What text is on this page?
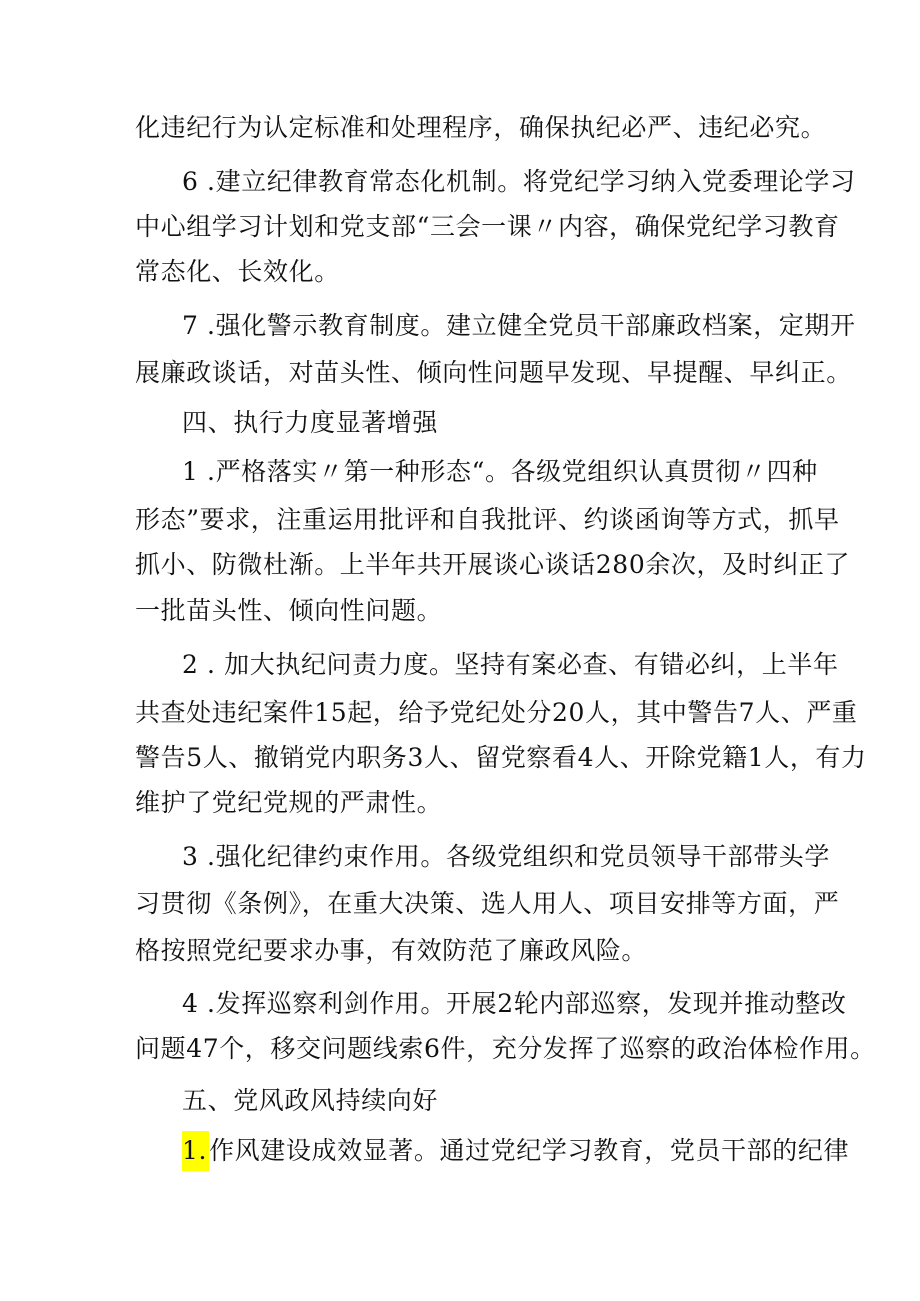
化违纪行为认定标准和处理程序，确保执纪必严、违纪必究。
6 .建立纪律教育常态化机制。将党纪学习纳入党委理论学习
中心组学习计划和党支部“三会一课〃内容，确保党纪学习教育
常态化、长效化。
7 .强化警示教育制度。建立健全党员干部廉政档案，定期开
展廉政谈话，对苗头性、倾向性问题早发现、早提醒、早纠正。
四、执行力度显著增强
1 .严格落实〃第一种形态“。各级党组织认真贯彻〃四种
形态”要求，注重运用批评和自我批评、约谈函询等方式，抓早
抓小、防微杜渐。上半年共开展谈心谈话280余次，及时纠正了
一批苗头性、倾向性问题。
2 . 加大执纪问责力度。坚持有案必查、有错必纠，上半年
共查处违纪案件15起，给予党纪处分20人，其中警告7人、严重
警告5人、撤销党内职务3人、留党察看4人、开除党籍1人，有力
维护了党纪党规的严肃性。
3 .强化纪律约束作用。各级党组织和党员领导干部带头学
习贯彻《条例》，在重大决策、选人用人、项目安排等方面，严
格按照党纪要求办事，有效防范了廉政风险。
4 .发挥巡察利剑作用。开展2轮内部巡察，发现并推动整改
问题47个，移交问题线索6件，充分发挥了巡察的政治体检作用。
五、党风政风持续向好
1.作风建设成效显著。通过党纪学习教育，党员干部的纪律
